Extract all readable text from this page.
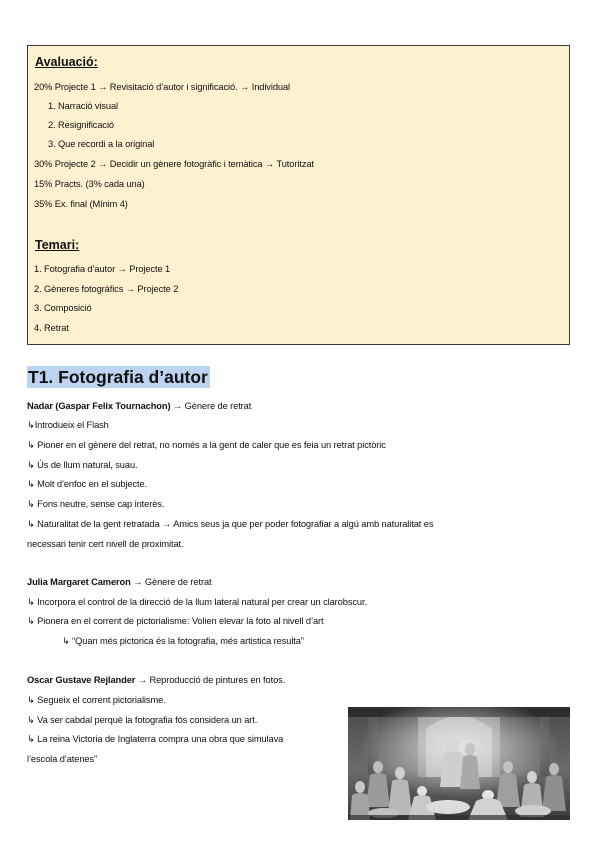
Avaluació:
20% Projecte 1 → Revisitació d’autor i significació. → Individual
1. Narració visual
2. Resignificació
3. Que recordi a la original
30% Projecte 2 → Decidir un gènere fotogràfic i temàtica → Tutoritzat
15% Practs. (3% cada una)
35% Ex. final (Mínim 4)
Temari:
1. Fotografia d’autor → Projecte 1
2. Gèneres fotogràfics → Projecte 2
3. Composició
4. Retrat
T1. Fotografia d’autor
Nadar (Gaspar Felix Tournachon) → Gènere de retrat
↳Introdueix el Flash
↳ Pioner en el gènere del retrat, no només a la gent de caler que es feia un retrat pictòric
↳ Ús de llum natural, suau.
↳ Molt d’enfoc en el subjecte.
↳ Fons neutre, sense cap interès.
↳ Naturalitat de la gent retratada → Amics seus ja que per poder fotografiar a algú amb naturalitat es
necessari tenir cert nivell de proximitat.
Julia Margaret Cameron → Gènere de retrat
↳ Incorpora el control de la direcció de la llum lateral natural per crear un clarobscur.
↳ Pionera en el corrent de pictorialisme: Volien elevar la foto al nivell d’art
↳ “Quan més pictorica és la fotografia, més artistica resulta”
Oscar Gustave Rejlander → Reproducció de pintures en fotos.
↳ Segueix el corrent pictorialisme.
↳ Va ser cabdal perquè la fotografia fós considera un art.
↳ La reina Victoria de Inglaterra compra una obra que simulava
l’escola d’atenes”
